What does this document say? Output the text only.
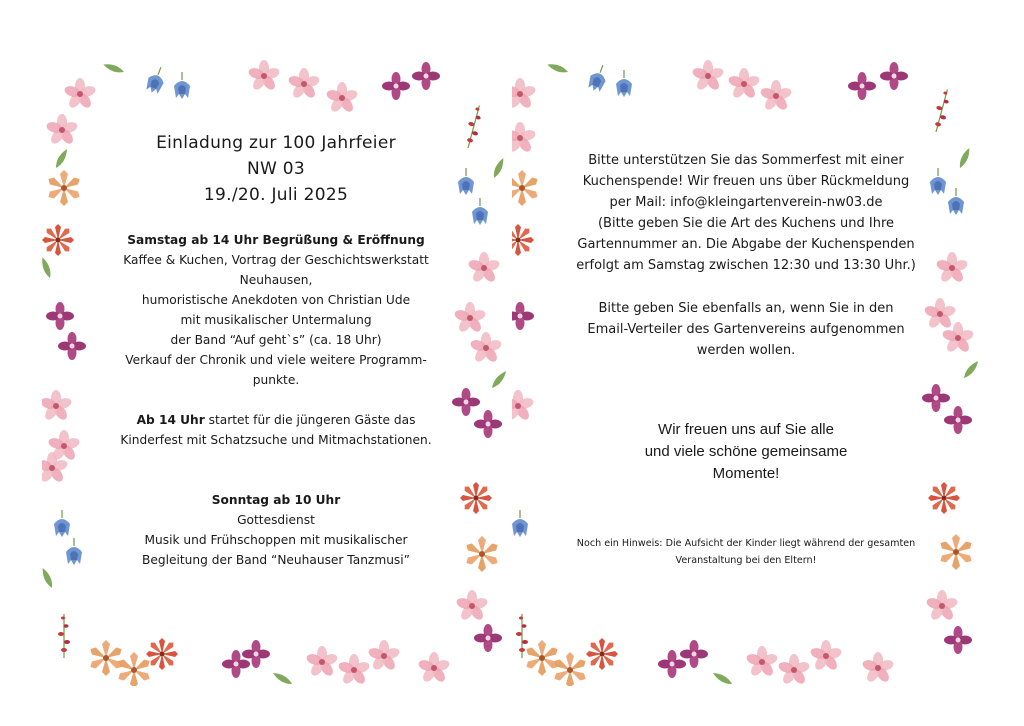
Einladung zur 100 Jahrfeier
NW 03
19./20. Juli 2025
Samstag ab 14 Uhr Begrüßung & Eröffnung
Kaffee & Kuchen, Vortrag der Geschichtswerkstatt
Neuhausen,
humoristische Anekdoten von Christian Ude
mit musikalischer Untermalung
der Band “Auf geht`s” (ca. 18 Uhr)
Verkauf der Chronik und viele weitere Programm-
punkte.
Ab 14 Uhr startet für die jüngeren Gäste das
Kinderfest mit Schatzsuche und Mitmachstationen.
Sonntag ab 10 Uhr
Gottesdienst
Musik und Frühschoppen mit musikalischer
Begleitung der Band “Neuhauser Tanzmusi”
Bitte unterstützen Sie das Sommerfest mit einer
Kuchenspende! Wir freuen uns über Rückmeldung
per Mail: info@kleingartenverein-nw03.de
(Bitte geben Sie die Art des Kuchens und Ihre
Gartennummer an. Die Abgabe der Kuchenspenden
erfolgt am Samstag zwischen 12:30 und 13:30 Uhr.)
Bitte geben Sie ebenfalls an, wenn Sie in den
Email-Verteiler des Gartenvereins aufgenommen
werden wollen.
Wir freuen uns auf Sie alle
und viele schöne gemeinsame
Momente!
Noch ein Hinweis: Die Aufsicht der Kinder liegt während der gesamten
Veranstaltung bei den Eltern!
